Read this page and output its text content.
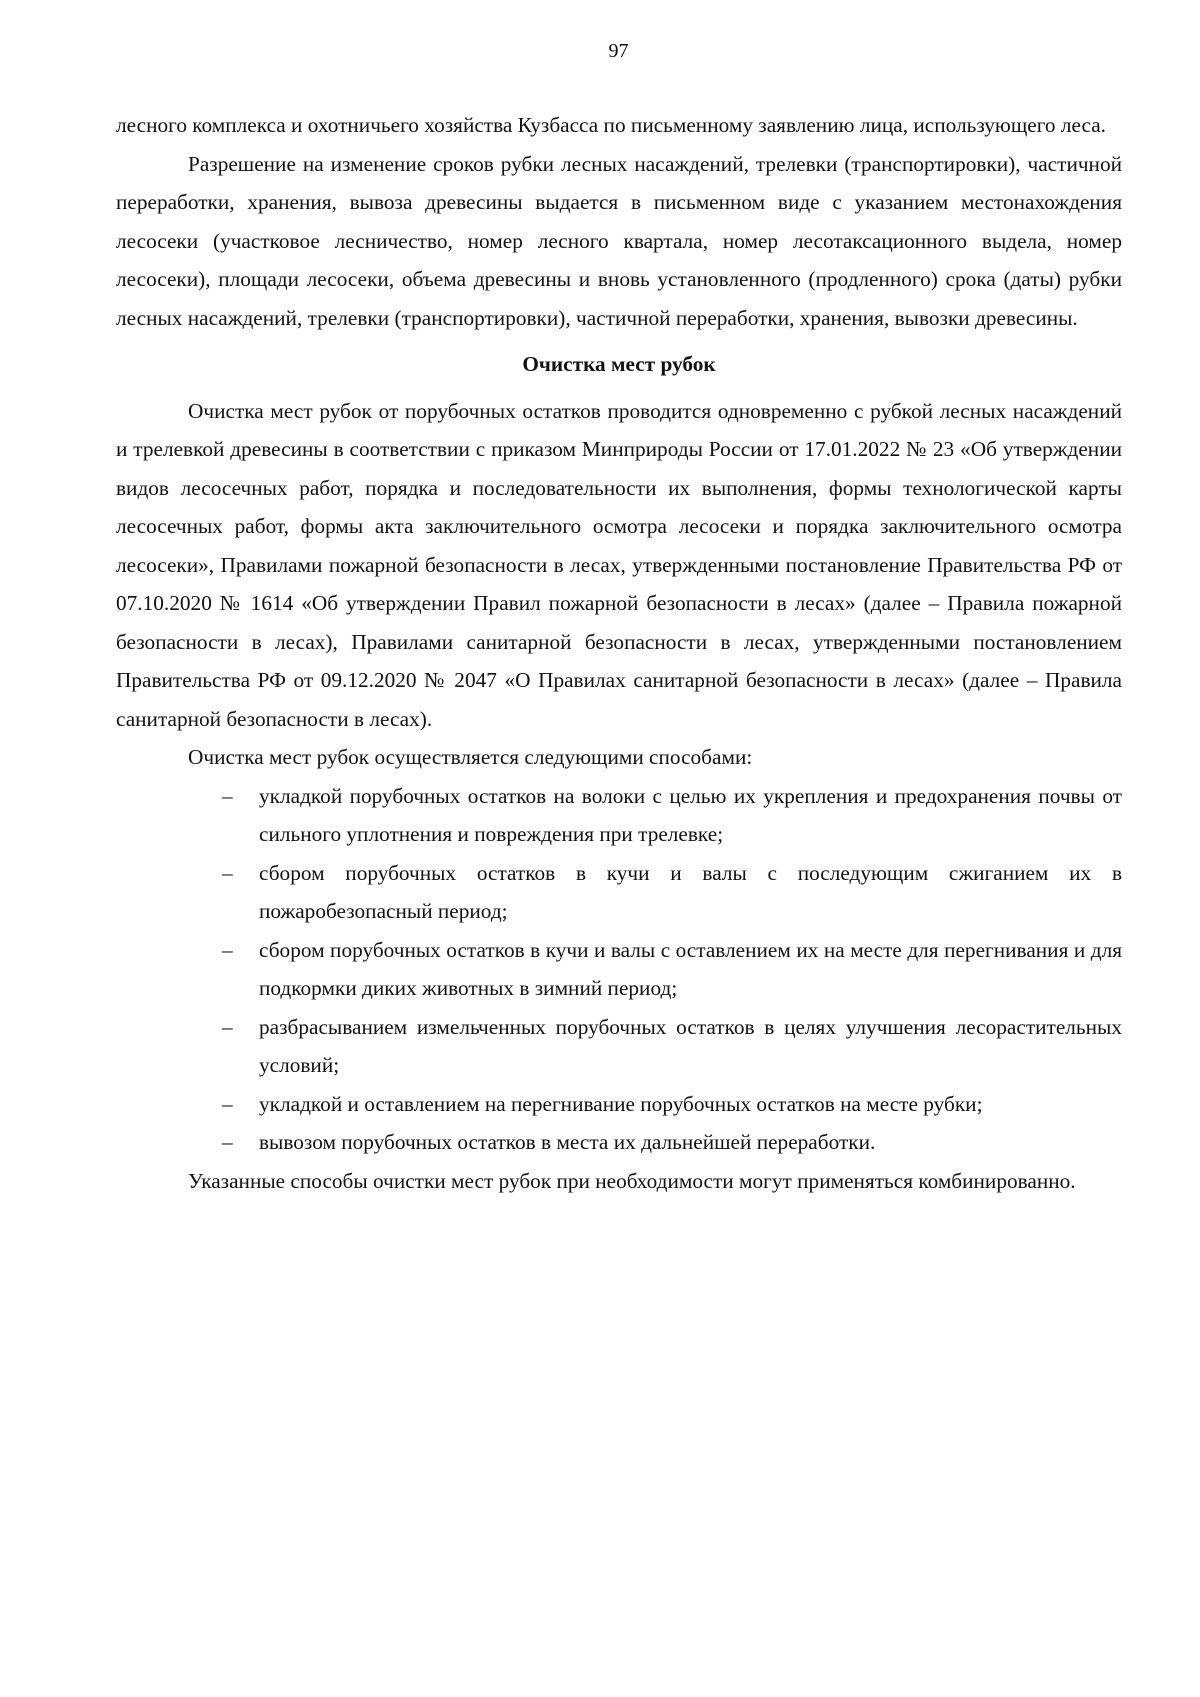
97

лесного комплекса и охотничьего хозяйства Кузбасса по письменному заявлению лица, использующего леса.

Разрешение на изменение сроков рубки лесных насаждений, трелевки (транспортировки), частичной переработки, хранения, вывоза древесины выдается в письменном виде с указанием местонахождения лесосеки (участковое лесничество, номер лесного квартала, номер лесотаксационного выдела, номер лесосеки), площади лесосеки, объема древесины и вновь установленного (продленного) срока (даты) рубки лесных насаждений, трелевки (транспортировки), частичной переработки, хранения, вывозки древесины.

Очистка мест рубок

Очистка мест рубок от порубочных остатков проводится одновременно с рубкой лесных насаждений и трелевкой древесины в соответствии с приказом Минприроды России от 17.01.2022 № 23 «Об утверждении видов лесосечных работ, порядка и последовательности их выполнения, формы технологической карты лесосечных работ, формы акта заключительного осмотра лесосеки и порядка заключительного осмотра лесосеки», Правилами пожарной безопасности в лесах, утвержденными постановление Правительства РФ от 07.10.2020 № 1614 «Об утверждении Правил пожарной безопасности в лесах» (далее – Правила пожарной безопасности в лесах), Правилами санитарной безопасности в лесах, утвержденными постановлением Правительства РФ от 09.12.2020 № 2047 «О Правилах санитарной безопасности в лесах» (далее – Правила санитарной безопасности в лесах).

Очистка мест рубок осуществляется следующими способами:

– укладкой порубочных остатков на волоки с целью их укрепления и предохранения почвы от сильного уплотнения и повреждения при трелевке;
– сбором порубочных остатков в кучи и валы с последующим сжиганием их в пожаробезопасный период;
– сбором порубочных остатков в кучи и валы с оставлением их на месте для перегнивания и для подкормки диких животных в зимний период;
– разбрасыванием измельченных порубочных остатков в целях улучшения лесорастительных условий;
– укладкой и оставлением на перегнивание порубочных остатков на месте рубки;
– вывозом порубочных остатков в места их дальнейшей переработки.

Указанные способы очистки мест рубок при необходимости могут применяться комбинированно.
